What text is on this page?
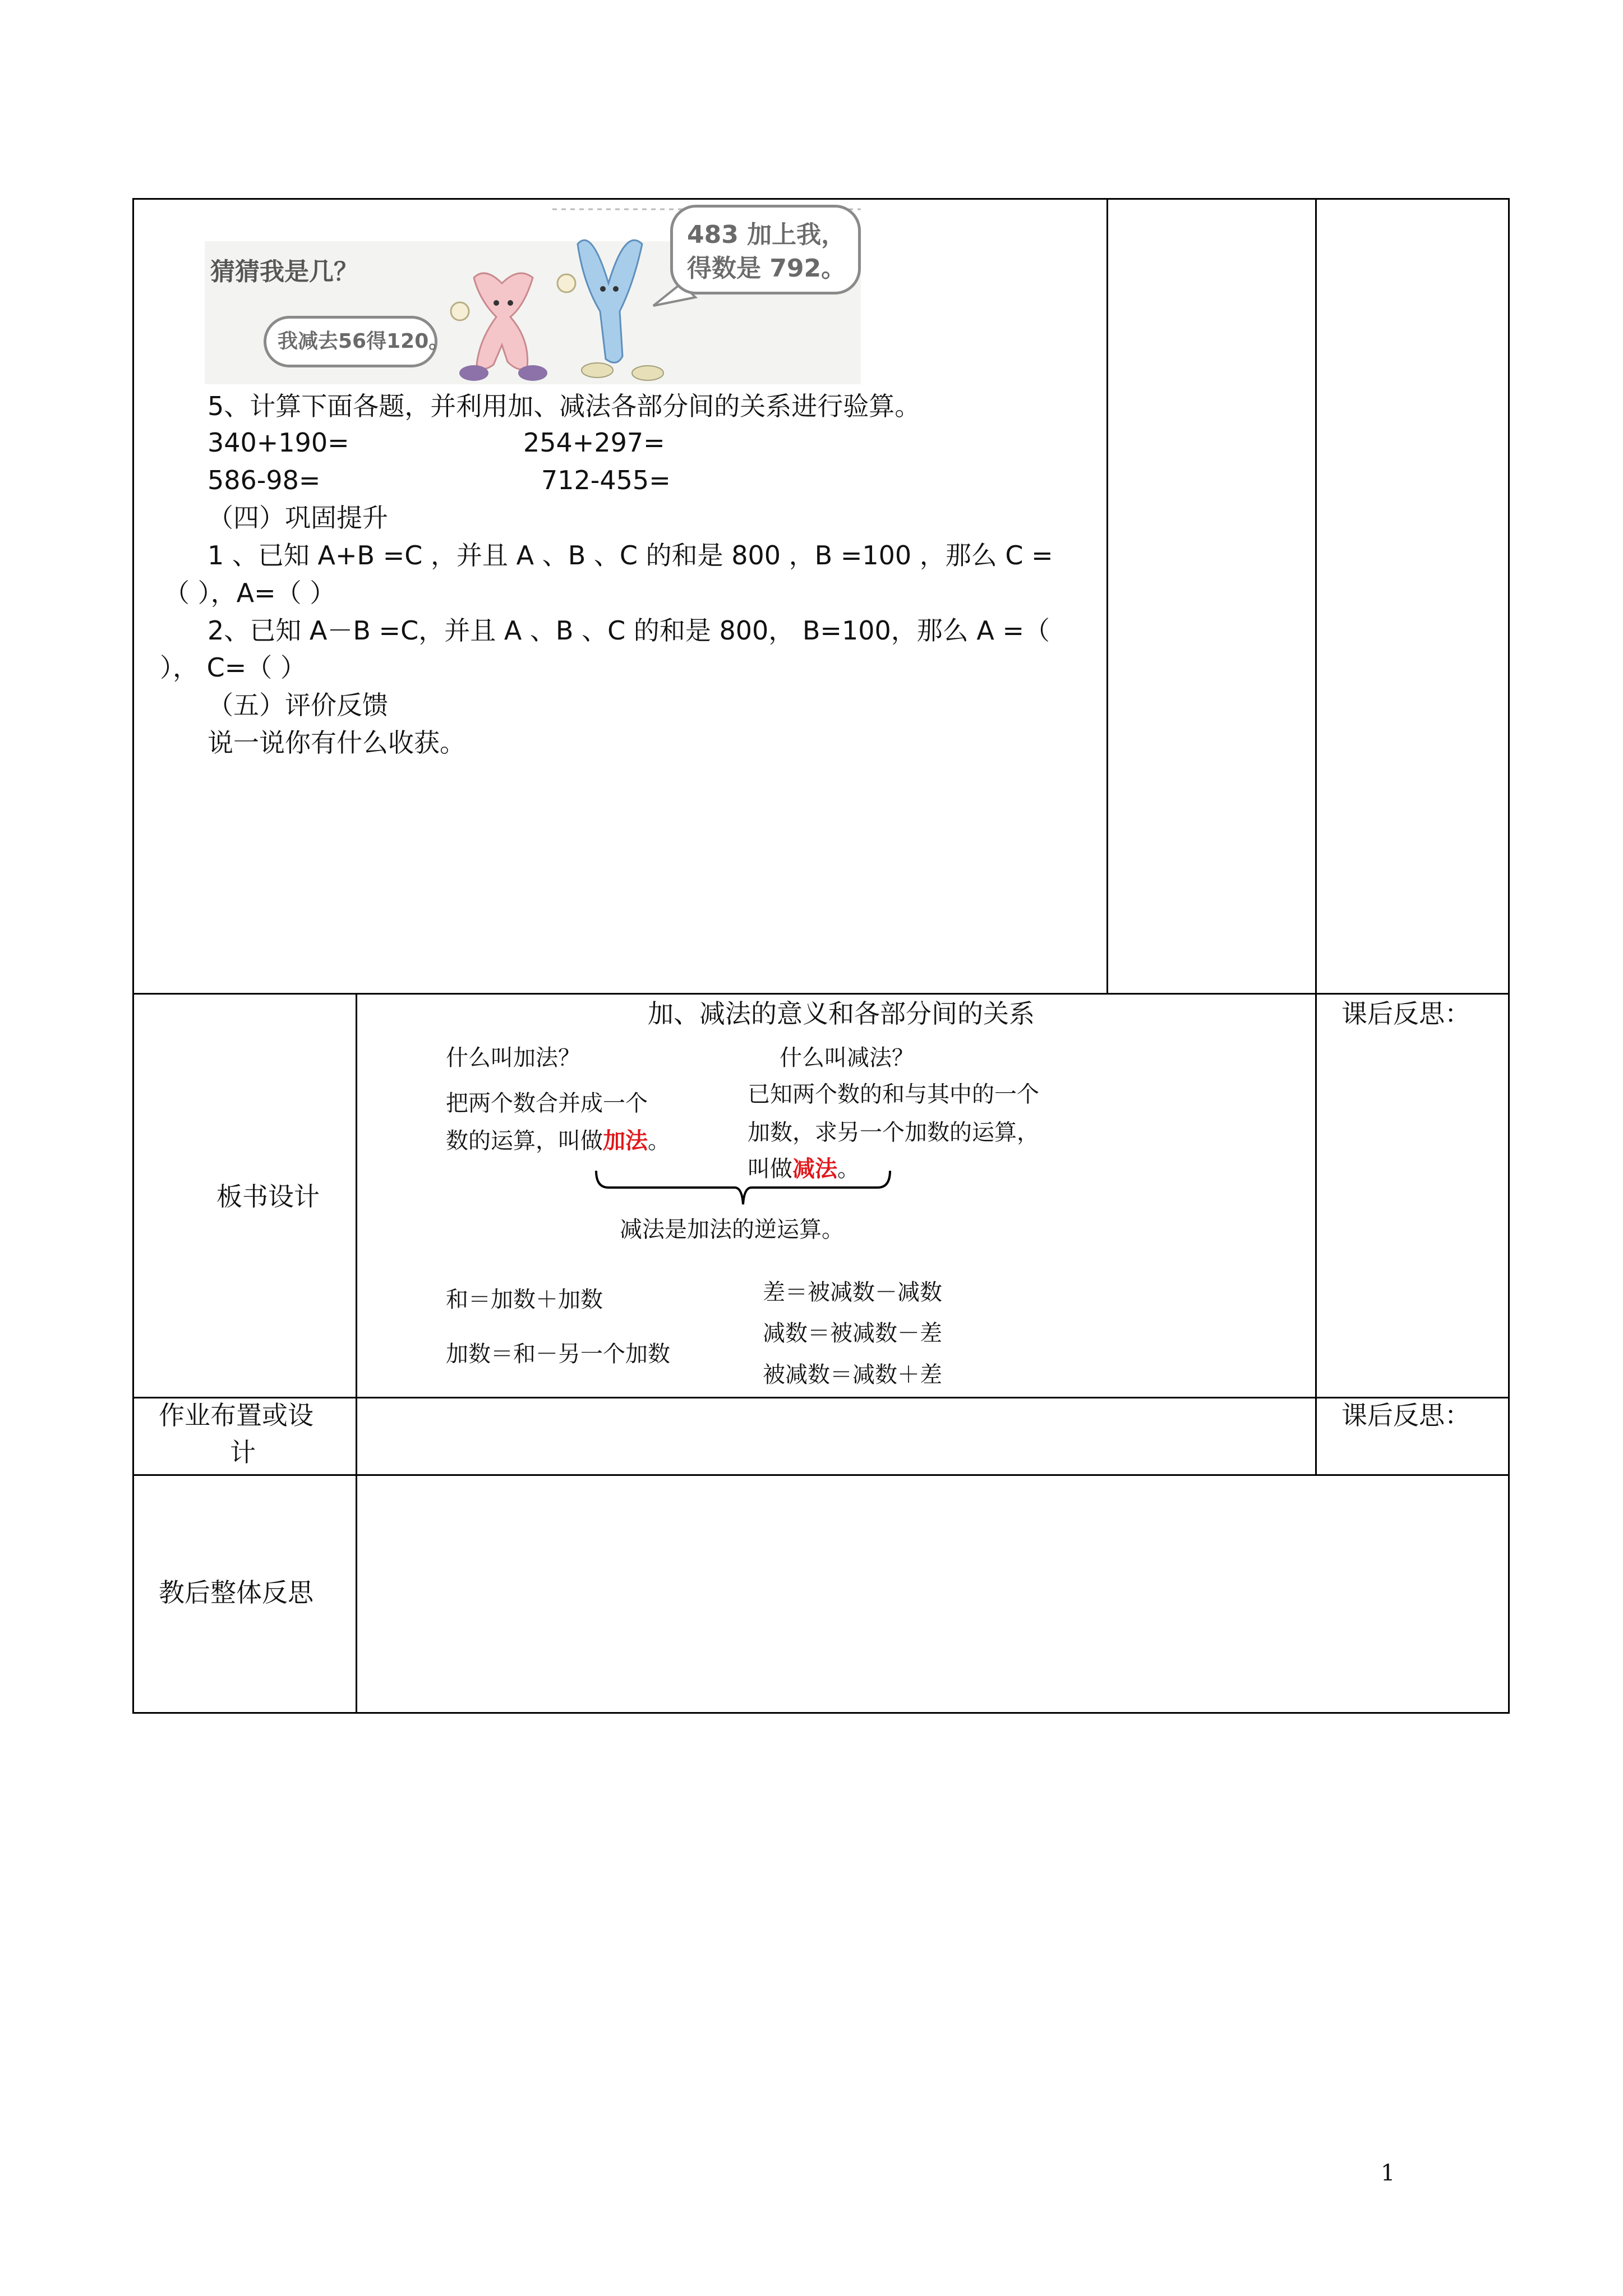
猜猜我是几？
我减去56得120。
483 加上我，
得数是 792。
5、计算下面各题，并利用加、减法各部分间的关系进行验算。
340+190=	254+297=
586-98=	712-455=
（四）巩固提升
1 、已知 A+B =C ，并且 A 、B 、C 的和是 800 ，B =100 ，那么 C =
（ ），A=（ ）
2、已知 A－B =C，并且 A 、B 、C 的和是 800， B=100，那么 A =（
）， C=（ ）
（五）评价反馈
说一说你有什么收获。
板书设计
加、减法的意义和各部分间的关系	课后反思：
什么叫加法？	什么叫减法？
把两个数合并成一个
数的运算，叫做加法。
已知两个数的和与其中的一个
加数，求另一个加数的运算，
叫做减法。
减法是加法的逆运算。
和＝加数＋加数
加数＝和－另一个加数
差＝被减数－减数
减数＝被减数－差
被减数＝减数＋差
作业布置或设
计
课后反思：
教后整体反思
1
